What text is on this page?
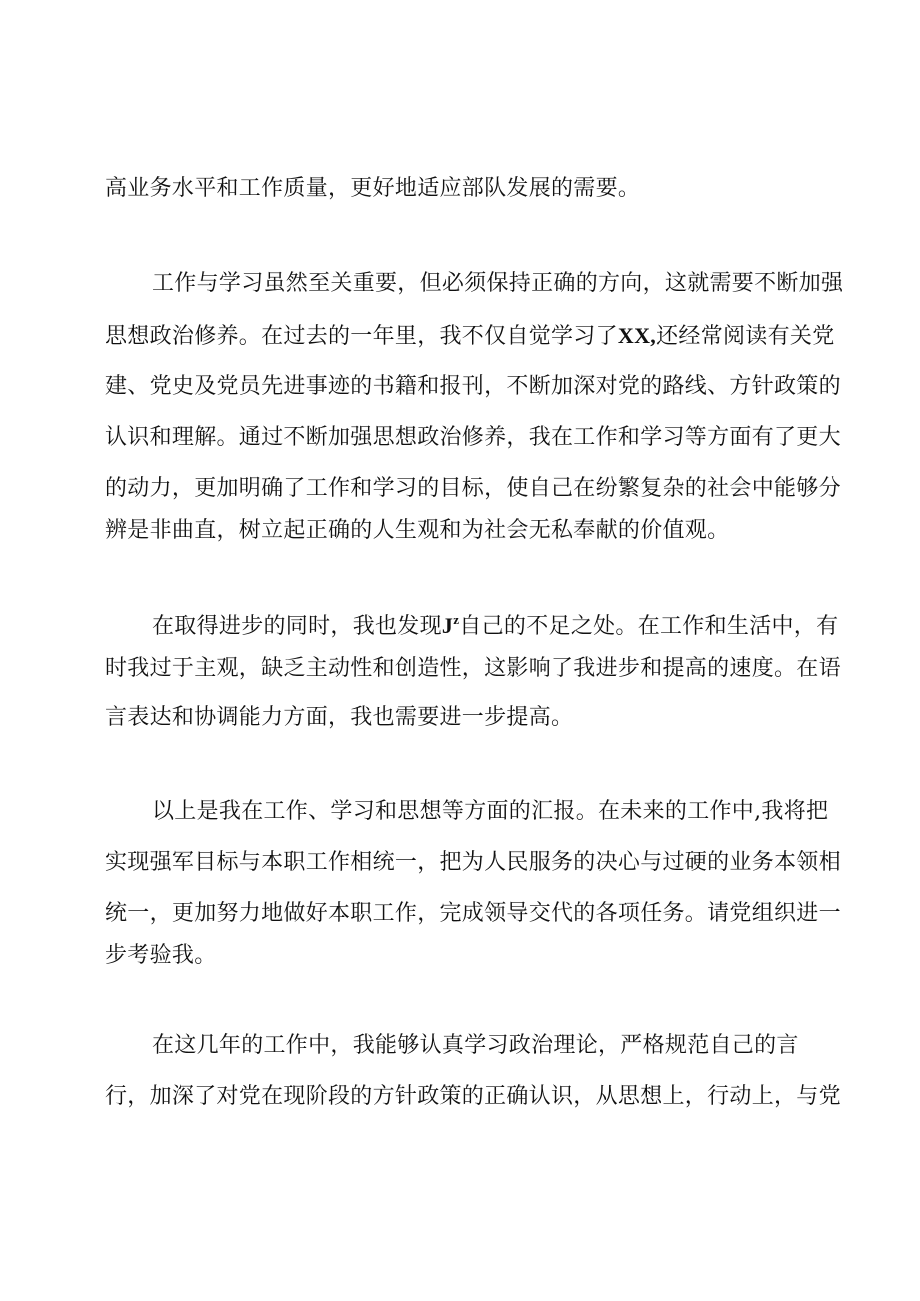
高业务水平和工作质量，更好地适应部队发展的需要。
工作与学习虽然至关重要，但必须保持正确的方向，这就需要不断加强
思想政治修养。在过去的一年里，我不仅自觉学习了XX,还经常阅读有关党
建、党史及党员先进事迹的书籍和报刊，不断加深对党的路线、方针政策的
认识和理解。通过不断加强思想政治修养，我在工作和学习等方面有了更大
的动力，更加明确了工作和学习的目标，使自己在纷繁复杂的社会中能够分
辨是非曲直，树立起正确的人生观和为社会无私奉献的价值观。
在取得进步的同时，我也发现$J^z$自己的不足之处。在工作和生活中，有
时我过于主观，缺乏主动性和创造性，这影响了我进步和提高的速度。在语
言表达和协调能力方面，我也需要进一步提高。
以上是我在工作、学习和思想等方面的汇报。在未来的工作中,我将把
实现强军目标与本职工作相统一，把为人民服务的决心与过硬的业务本领相
统一，更加努力地做好本职工作，完成领导交代的各项任务。请党组织进一
步考验我。
在这几年的工作中，我能够认真学习政治理论，严格规范自己的言
行，加深了对党在现阶段的方针政策的正确认识，从思想上，行动上，与党
